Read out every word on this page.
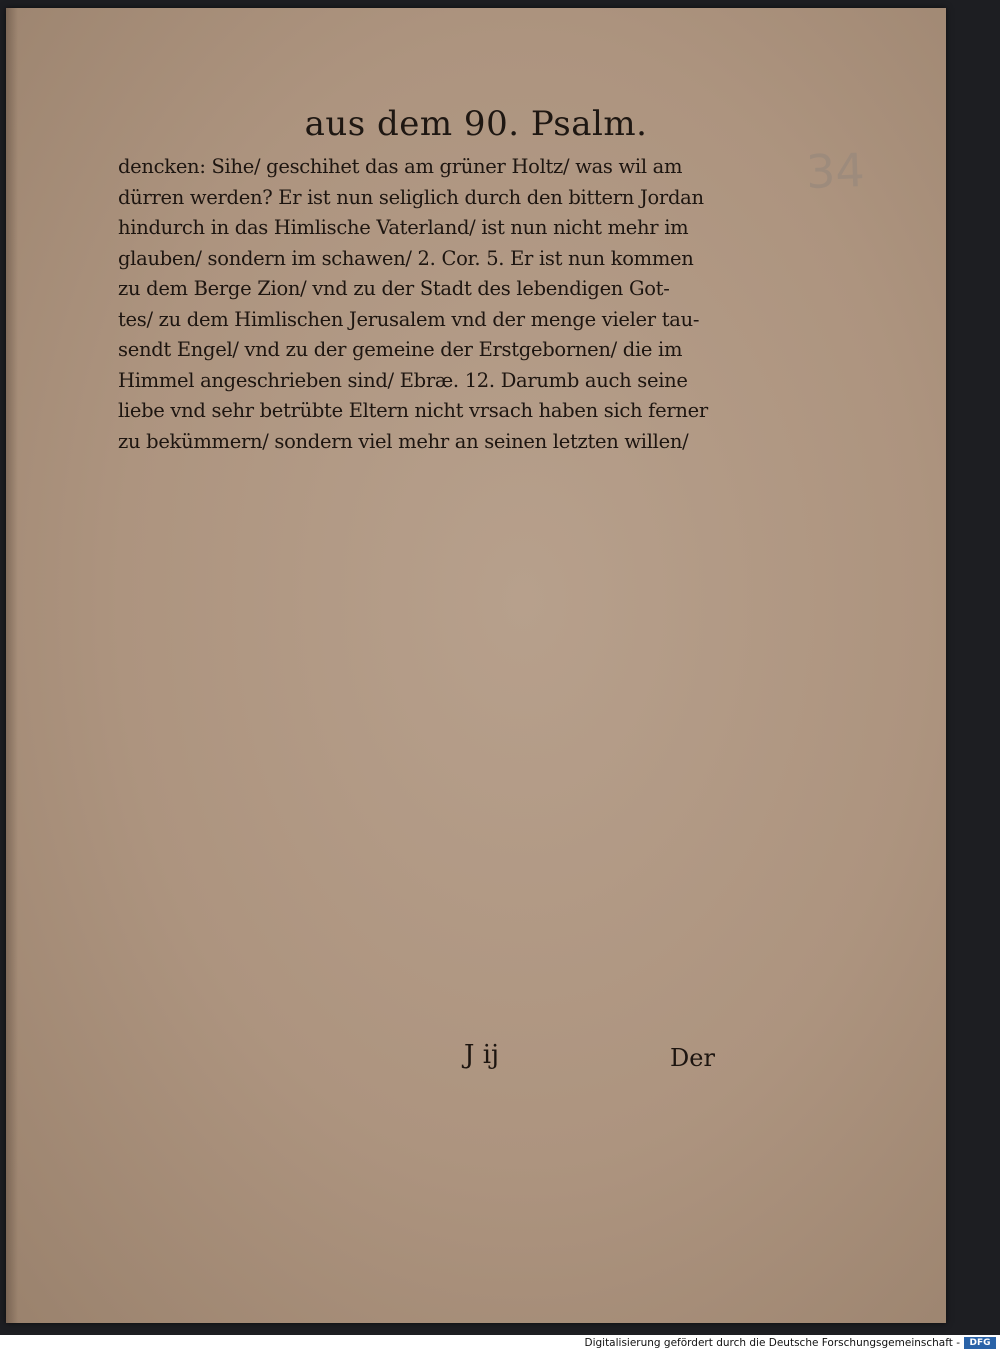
aus dem 90. Psalm.
34
dencken: Sihe/ geschihet das am grüner Holtz/ was wil am
dürren werden? Er ist nun seliglich durch den bittern Jordan
hindurch in das Himlische Vaterland/ ist nun nicht mehr im
glauben/ sondern im schawen/ 2. Cor. 5. Er ist nun kommen
zu dem Berge Zion/ vnd zu der Stadt des lebendigen Got-
tes/ zu dem Himlischen Jerusalem vnd der menge vieler tau-
sendt Engel/ vnd zu der gemeine der Erstgebornen/ die im
Himmel angeschrieben sind/ Ebræ. 12. Darumb auch seine
liebe vnd sehr betrübte Eltern nicht vrsach haben sich ferner
zu bekümmern/ sondern viel mehr an seinen letzten willen/
J ij	Der
Digitalisierung gefördert durch die Deutsche Forschungsgemeinschaft -	DFG
